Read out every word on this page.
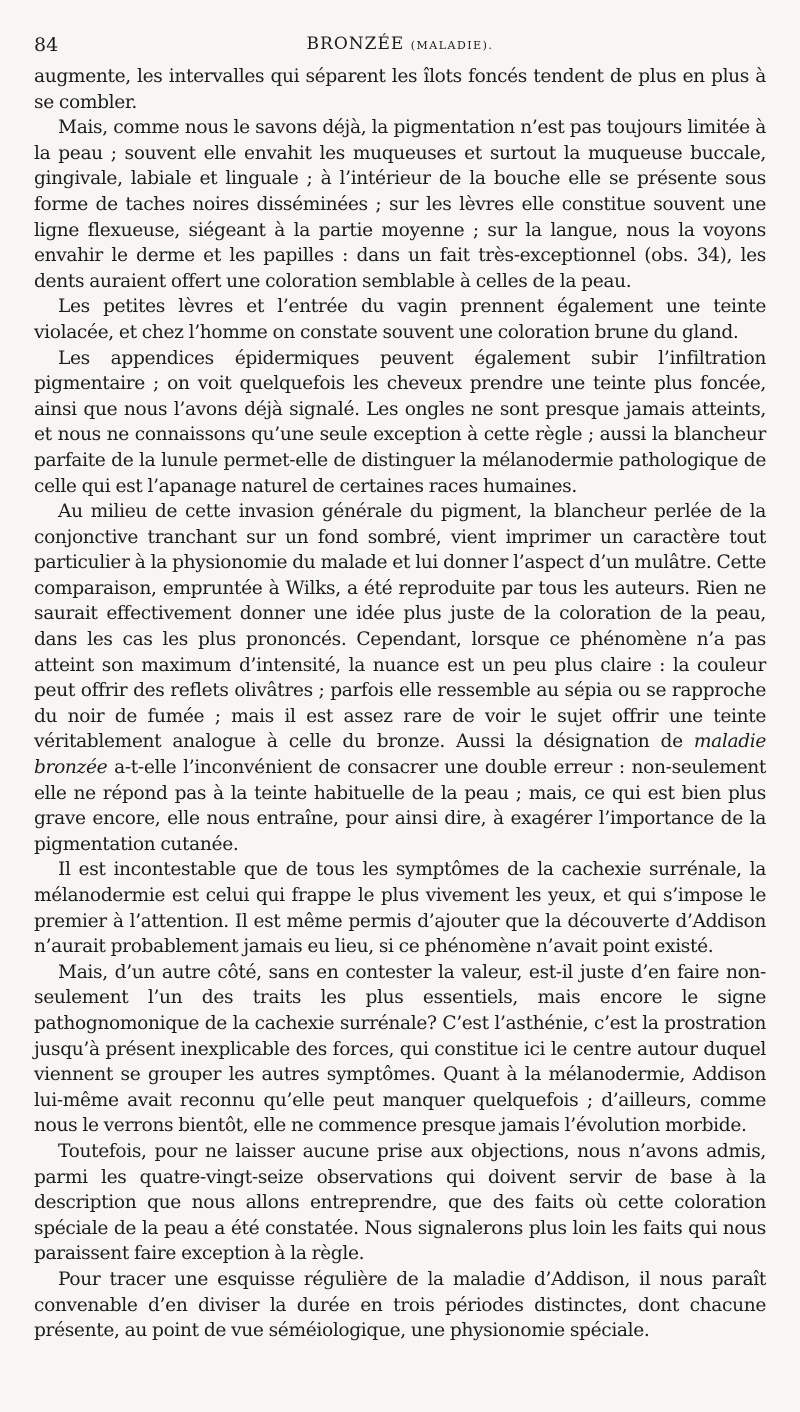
84	BRONZÉE (MALADIE).

augmente, les intervalles qui séparent les îlots foncés tendent de plus en plus à se combler.

Mais, comme nous le savons déjà, la pigmentation n’est pas toujours limitée à la peau ; souvent elle envahit les muqueuses et surtout la muqueuse buccale, gingivale, labiale et linguale ; à l’intérieur de la bouche elle se présente sous forme de taches noires disséminées ; sur les lèvres elle constitue souvent une ligne flexueuse, siégeant à la partie moyenne ; sur la langue, nous la voyons envahir le derme et les papilles : dans un fait très-exceptionnel (obs. 34), les dents auraient offert une coloration semblable à celles de la peau.

Les petites lèvres et l’entrée du vagin prennent également une teinte violacée, et chez l’homme on constate souvent une coloration brune du gland.

Les appendices épidermiques peuvent également subir l’infiltration pigmentaire ; on voit quelquefois les cheveux prendre une teinte plus foncée, ainsi que nous l’avons déjà signalé. Les ongles ne sont presque jamais atteints, et nous ne connaissons qu’une seule exception à cette règle ; aussi la blancheur parfaite de la lunule permet-elle de distinguer la mélanodermie pathologique de celle qui est l’apanage naturel de certaines races humaines.

Au milieu de cette invasion générale du pigment, la blancheur perlée de la conjonctive tranchant sur un fond sombré, vient imprimer un caractère tout particulier à la physionomie du malade et lui donner l’aspect d’un mulâtre. Cette comparaison, empruntée à Wilks, a été reproduite par tous les auteurs. Rien ne saurait effectivement donner une idée plus juste de la coloration de la peau, dans les cas les plus prononcés. Cependant, lorsque ce phénomène n’a pas atteint son maximum d’intensité, la nuance est un peu plus claire : la couleur peut offrir des reflets olivâtres ; parfois elle ressemble au sépia ou se rapproche du noir de fumée ; mais il est assez rare de voir le sujet offrir une teinte véritablement analogue à celle du bronze. Aussi la désignation de maladie bronzée a-t-elle l’inconvénient de consacrer une double erreur : non-seulement elle ne répond pas à la teinte habituelle de la peau ; mais, ce qui est bien plus grave encore, elle nous entraîne, pour ainsi dire, à exagérer l’importance de la pigmentation cutanée.

Il est incontestable que de tous les symptômes de la cachexie surrénale, la mélanodermie est celui qui frappe le plus vivement les yeux, et qui s’impose le premier à l’attention. Il est même permis d’ajouter que la découverte d’Addison n’aurait probablement jamais eu lieu, si ce phénomène n’avait point existé.

Mais, d’un autre côté, sans en contester la valeur, est-il juste d’en faire non-seulement l’un des traits les plus essentiels, mais encore le signe pathognomonique de la cachexie surrénale? C’est l’asthénie, c’est la prostration jusqu’à présent inexplicable des forces, qui constitue ici le centre autour duquel viennent se grouper les autres symptômes. Quant à la mélanodermie, Addison lui-même avait reconnu qu’elle peut manquer quelquefois ; d’ailleurs, comme nous le verrons bientôt, elle ne commence presque jamais l’évolution morbide.

Toutefois, pour ne laisser aucune prise aux objections, nous n’avons admis, parmi les quatre-vingt-seize observations qui doivent servir de base à la description que nous allons entreprendre, que des faits où cette coloration spéciale de la peau a été constatée. Nous signalerons plus loin les faits qui nous paraissent faire exception à la règle.

Pour tracer une esquisse régulière de la maladie d’Addison, il nous paraît convenable d’en diviser la durée en trois périodes distinctes, dont chacune présente, au point de vue séméiologique, une physionomie spéciale.
